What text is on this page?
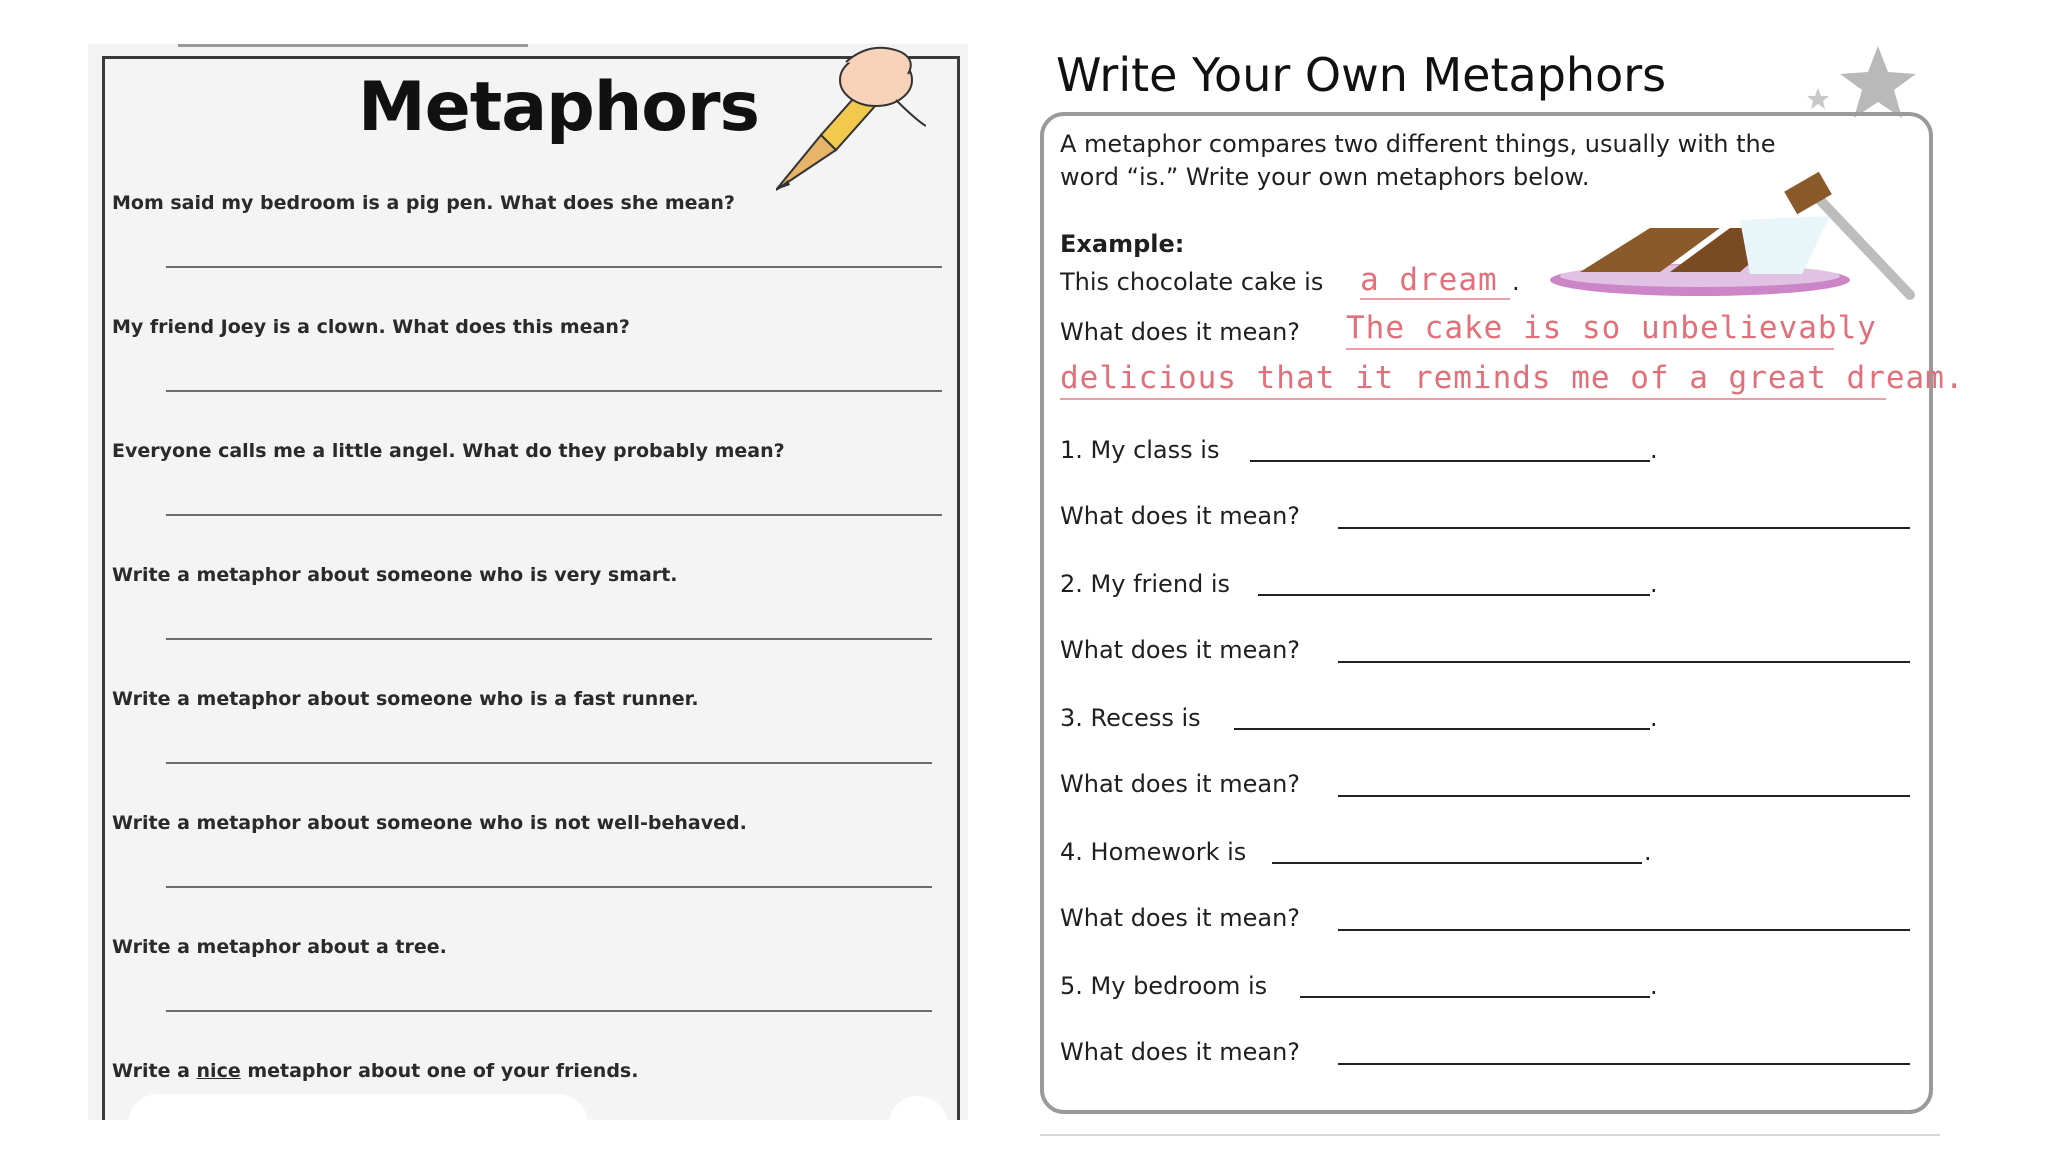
Metaphors
Mom said my bedroom is a pig pen. What does she mean?
My friend Joey is a clown. What does this mean?
Everyone calls me a little angel. What do they probably mean?
Write a metaphor about someone who is very smart.
Write a metaphor about someone who is a fast runner.
Write a metaphor about someone who is not well-behaved.
Write a metaphor about a tree.
Write a nice metaphor about one of your friends.
Write Your Own Metaphors
A metaphor compares two different things, usually with the
word “is.” Write your own metaphors below.
Example:
This chocolate cake is a dream .
What does it mean? The cake is so unbelievably
delicious that it reminds me of a great dream.
1. My class is	.
What does it mean?
2. My friend is	.
What does it mean?
3. Recess is	.
What does it mean?
4. Homework is	.
What does it mean?
5. My bedroom is	.
What does it mean?
